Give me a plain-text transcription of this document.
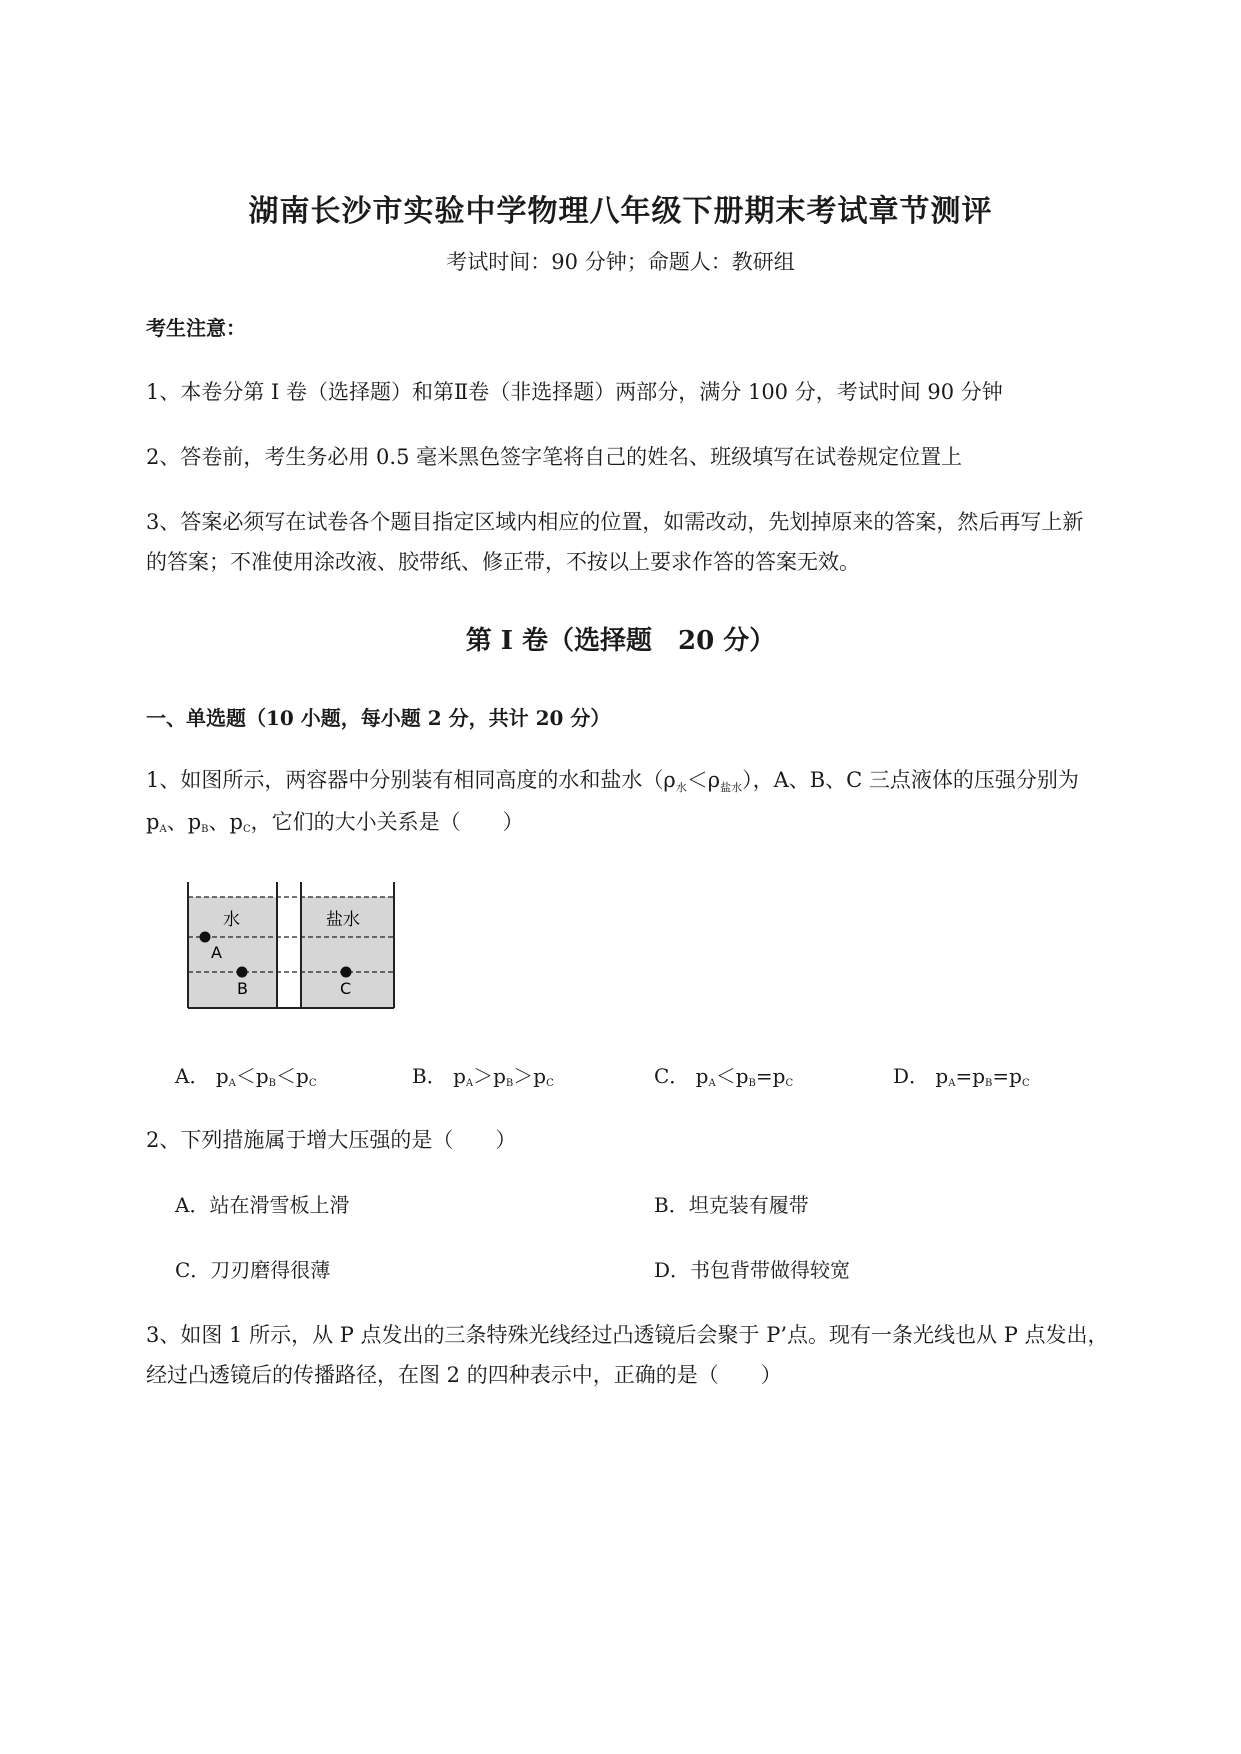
湖南长沙市实验中学物理八年级下册期末考试章节测评
考试时间：90 分钟；命题人：教研组
考生注意：
1、本卷分第 I 卷（选择题）和第Ⅱ卷（非选择题）两部分，满分 100 分，考试时间 90 分钟
2、答卷前，考生务必用 0.5 毫米黑色签字笔将自己的姓名、班级填写在试卷规定位置上
3、答案必须写在试卷各个题目指定区域内相应的位置，如需改动，先划掉原来的答案，然后再写上新
的答案；不准使用涂改液、胶带纸、修正带，不按以上要求作答的答案无效。
第 I 卷（选择题　20 分）
一、单选题（10 小题，每小题 2 分，共计 20 分）
1、如图所示，两容器中分别装有相同高度的水和盐水（ρ水＜ρ盐水），A、B、C 三点液体的压强分别为
$p_A$、$p_B$、$p_C$，它们的大小关系是（　　）
水	盐水
A
B	C
A． $p_A<p_B<p_C$	B． $p_A>p_B>p_C$	C． $p_A<p_B=p_C$	D． $p_A=p_B=p_C$
2、下列措施属于增大压强的是（　　）
A．站在滑雪板上滑	B．坦克装有履带
C．刀刃磨得很薄	D．书包背带做得较宽
3、如图 1 所示，从 P 点发出的三条特殊光线经过凸透镜后会聚于 P’点。现有一条光线也从 P 点发出，
经过凸透镜后的传播路径，在图 2 的四种表示中，正确的是（　　）
